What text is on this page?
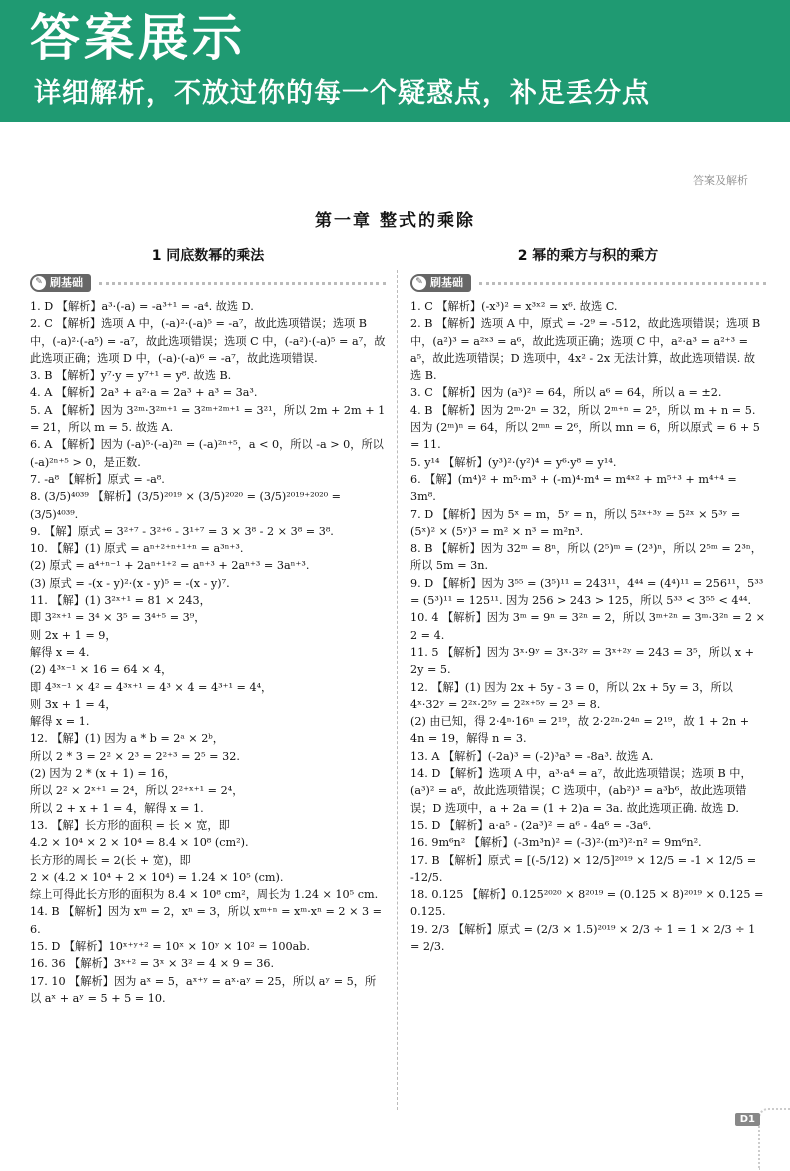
答案展示
详细解析，不放过你的每一个疑惑点，补足丢分点
答案及解析
第一章 整式的乘除
1 同底数幂的乘法
✎ 刷基础

1. D 【解析】a³·(-a) = -a³⁺¹ = -a⁴. 故选 D.

2. C 【解析】选项 A 中，(-a)²·(-a)⁵ = -a⁷，故此选项错误；选项 B 中，(-a)²·(-a⁵) = -a⁷，故此选项错误；选项 C 中，(-a²)·(-a)⁵ = a⁷，故此选项正确；选项 D 中，(-a)·(-a)⁶ = -a⁷，故此选项错误.

3. B 【解析】y⁷·y = y⁷⁺¹ = y⁸. 故选 B.

4. A 【解析】2a³ + a²·a = 2a³ + a³ = 3a³.

5. A 【解析】因为 3²ᵐ·3²ᵐ⁺¹ = 3²ᵐ⁺²ᵐ⁺¹ = 3²¹，所以 2m + 2m + 1 = 21，所以 m = 5. 故选 A.

6. A 【解析】因为 (-a)⁵·(-a)²ⁿ = (-a)²ⁿ⁺⁵，a < 0，所以 -a > 0，所以 (-a)²ⁿ⁺⁵ > 0，是正数.

7. -a⁸ 【解析】原式 = -a⁸.

8. (3/5)⁴⁰³⁹ 【解析】(3/5)²⁰¹⁹ × (3/5)²⁰²⁰ = (3/5)²⁰¹⁹⁺²⁰²⁰ = (3/5)⁴⁰³⁹.

9. 【解】原式 = 3²⁺⁷ - 3²⁺⁶ - 3¹⁺⁷ = 3 × 3⁸ - 2 × 3⁸ = 3⁸.

10. 【解】(1) 原式 = aⁿ⁺²⁺ⁿ⁺¹⁺ⁿ = a³ⁿ⁺³.

(2) 原式 = a⁴⁺ⁿ⁻¹ + 2aⁿ⁺¹⁺² = aⁿ⁺³ + 2aⁿ⁺³ = 3aⁿ⁺³.

(3) 原式 = -(x - y)²·(x - y)⁵ = -(x - y)⁷.

11. 【解】(1) 3²ˣ⁺¹ = 81 × 243，

即 3²ˣ⁺¹ = 3⁴ × 3⁵ = 3⁴⁺⁵ = 3⁹，

则 2x + 1 = 9，

解得 x = 4.

(2) 4³ˣ⁻¹ × 16 = 64 × 4，

即 4³ˣ⁻¹ × 4² = 4³ˣ⁺¹ = 4³ × 4 = 4³⁺¹ = 4⁴，

则 3x + 1 = 4，

解得 x = 1.

12. 【解】(1) 因为 a * b = 2ᵃ × 2ᵇ，

所以 2 * 3 = 2² × 2³ = 2²⁺³ = 2⁵ = 32.

(2) 因为 2 * (x + 1) = 16，

所以 2² × 2ˣ⁺¹ = 2⁴，所以 2²⁺ˣ⁺¹ = 2⁴，

所以 2 + x + 1 = 4，解得 x = 1.

13. 【解】长方形的面积 = 长 × 宽，即

4.2 × 10⁴ × 2 × 10⁴ = 8.4 × 10⁸ (cm²).

长方形的周长 = 2(长 + 宽)，即

2 × (4.2 × 10⁴ + 2 × 10⁴) = 1.24 × 10⁵ (cm).

综上可得此长方形的面积为 8.4 × 10⁸ cm²，周长为 1.24 × 10⁵ cm.

14. B 【解析】因为 xᵐ = 2，xⁿ = 3，所以 xᵐ⁺ⁿ = xᵐ·xⁿ = 2 × 3 = 6.

15. D 【解析】10ˣ⁺ʸ⁺² = 10ˣ × 10ʸ × 10² = 100ab.

16. 36 【解析】3ˣ⁺² = 3ˣ × 3² = 4 × 9 = 36.

17. 10 【解析】因为 aˣ = 5，aˣ⁺ʸ = aˣ·aʸ = 25，所以 aʸ = 5，所以 aˣ + aʸ = 5 + 5 = 10.

2 幂的乘方与积的乘方
✎ 刷基础

1. C 【解析】(-x³)² = x³ˣ² = x⁶. 故选 C.

2. B 【解析】选项 A 中，原式 = -2⁹ = -512，故此选项错误；选项 B 中，(a²)³ = a²ˣ³ = a⁶，故此选项正确；选项 C 中，a²·a³ = a²⁺³ = a⁵，故此选项错误；D 选项中，4x² - 2x 无法计算，故此选项错误. 故选 B.

3. C 【解析】因为 (a³)² = 64，所以 a⁶ = 64，所以 a = ±2.

4. B 【解析】因为 2ᵐ·2ⁿ = 32，所以 2ᵐ⁺ⁿ = 2⁵，所以 m + n = 5. 因为 (2ᵐ)ⁿ = 64，所以 2ᵐⁿ = 2⁶，所以 mn = 6，所以原式 = 6 + 5 = 11.

5. y¹⁴ 【解析】(y³)²·(y²)⁴ = y⁶·y⁸ = y¹⁴.

6. 【解】(m⁴)² + m⁵·m³ + (-m)⁴·m⁴ = m⁴ˣ² + m⁵⁺³ + m⁴⁺⁴ = 3m⁸.

7. D 【解析】因为 5ˣ = m，5ʸ = n，所以 5²ˣ⁺³ʸ = 5²ˣ × 5³ʸ = (5ˣ)² × (5ʸ)³ = m² × n³ = m²n³.

8. B 【解析】因为 32ᵐ = 8ⁿ，所以 (2⁵)ᵐ = (2³)ⁿ，所以 2⁵ᵐ = 2³ⁿ，所以 5m = 3n.

9. D 【解析】因为 3⁵⁵ = (3⁵)¹¹ = 243¹¹，4⁴⁴ = (4⁴)¹¹ = 256¹¹，5³³ = (5³)¹¹ = 125¹¹. 因为 256 > 243 > 125，所以 5³³ < 3⁵⁵ < 4⁴⁴.

10. 4 【解析】因为 3ᵐ = 9ⁿ = 3²ⁿ = 2，所以 3ᵐ⁺²ⁿ = 3ᵐ·3²ⁿ = 2 × 2 = 4.

11. 5 【解析】因为 3ˣ·9ʸ = 3ˣ·3²ʸ = 3ˣ⁺²ʸ = 243 = 3⁵，所以 x + 2y = 5.

12. 【解】(1) 因为 2x + 5y - 3 = 0，所以 2x + 5y = 3，所以 4ˣ·32ʸ = 2²ˣ·2⁵ʸ = 2²ˣ⁺⁵ʸ = 2³ = 8.

(2) 由已知，得 2·4ⁿ·16ⁿ = 2¹⁹，故 2·2²ⁿ·2⁴ⁿ = 2¹⁹，故 1 + 2n + 4n = 19，解得 n = 3.

13. A 【解析】(-2a)³ = (-2)³a³ = -8a³. 故选 A.

14. D 【解析】选项 A 中，a³·a⁴ = a⁷，故此选项错误；选项 B 中，(a³)² = a⁶，故此选项错误；C 选项中，(ab²)³ = a³b⁶，故此选项错误；D 选项中，a + 2a = (1 + 2)a = 3a. 故此选项正确. 故选 D.

15. D 【解析】a·a⁵ - (2a³)² = a⁶ - 4a⁶ = -3a⁶.

16. 9m⁶n² 【解析】(-3m³n)² = (-3)²·(m³)²·n² = 9m⁶n².

17. B 【解析】原式 = [(-5/12) × 12/5]²⁰¹⁹ × 12/5 = -1 × 12/5 = -12/5.

18. 0.125 【解析】0.125²⁰²⁰ × 8²⁰¹⁹ = (0.125 × 8)²⁰¹⁹ × 0.125 = 0.125.

19. 2/3 【解析】原式 = (2/3 × 1.5)²⁰¹⁹ × 2/3 ÷ 1 = 1 × 2/3 ÷ 1 = 2/3.

D1
